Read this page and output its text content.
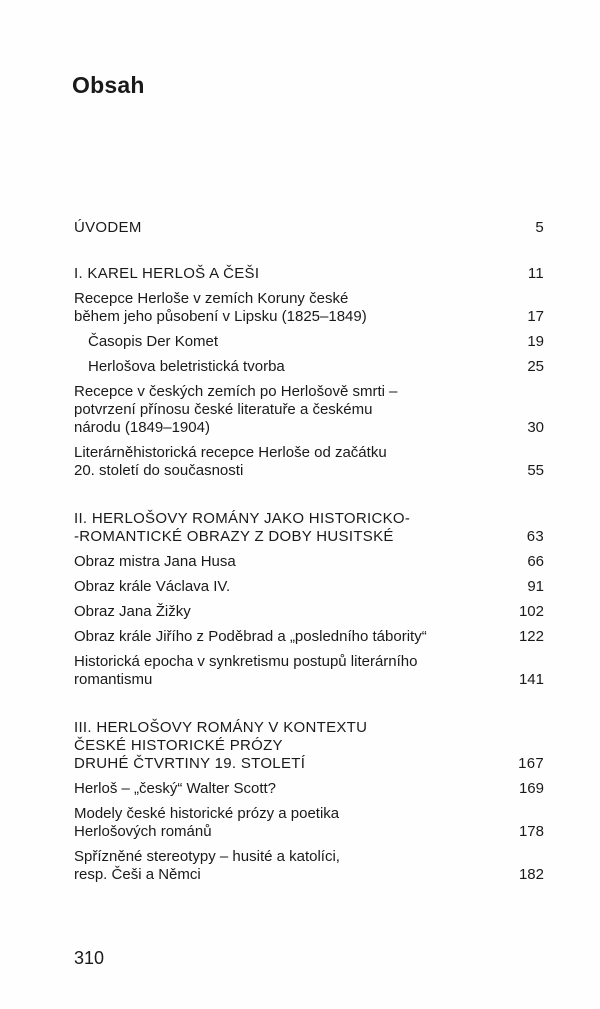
Obsah
ÚVODEM	5
I. KAREL HERLOŠ A ČEŠI	11
Recepce Herloše v zemích Koruny české
během jeho působení v Lipsku (1825–1849)	17
Časopis Der Komet	19
Herlošova beletristická tvorba	25
Recepce v českých zemích po Herlošově smrti –
potvrzení přínosu české literatuře a českému
národu (1849–1904)	30
Literárněhistorická recepce Herloše od začátku
20. století do současnosti	55
II. HERLOŠOVY ROMÁNY JAKO HISTORICKO-
-ROMANTICKÉ OBRAZY Z DOBY HUSITSKÉ	63
Obraz mistra Jana Husa	66
Obraz krále Václava IV.	91
Obraz Jana Žižky	102
Obraz krále Jiřího z Poděbrad a „posledního tábority“	122
Historická epocha v synkretismu postupů literárního
romantismu	141
III. HERLOŠOVY ROMÁNY V KONTEXTU
ČESKÉ HISTORICKÉ PRÓZY
DRUHÉ ČTVRTINY 19. STOLETÍ	167
Herloš – „český“ Walter Scott?	169
Modely české historické prózy a poetika
Herlošových románů	178
Spřízněné stereotypy – husité a katolíci,
resp. Češi a Němci	182
310
